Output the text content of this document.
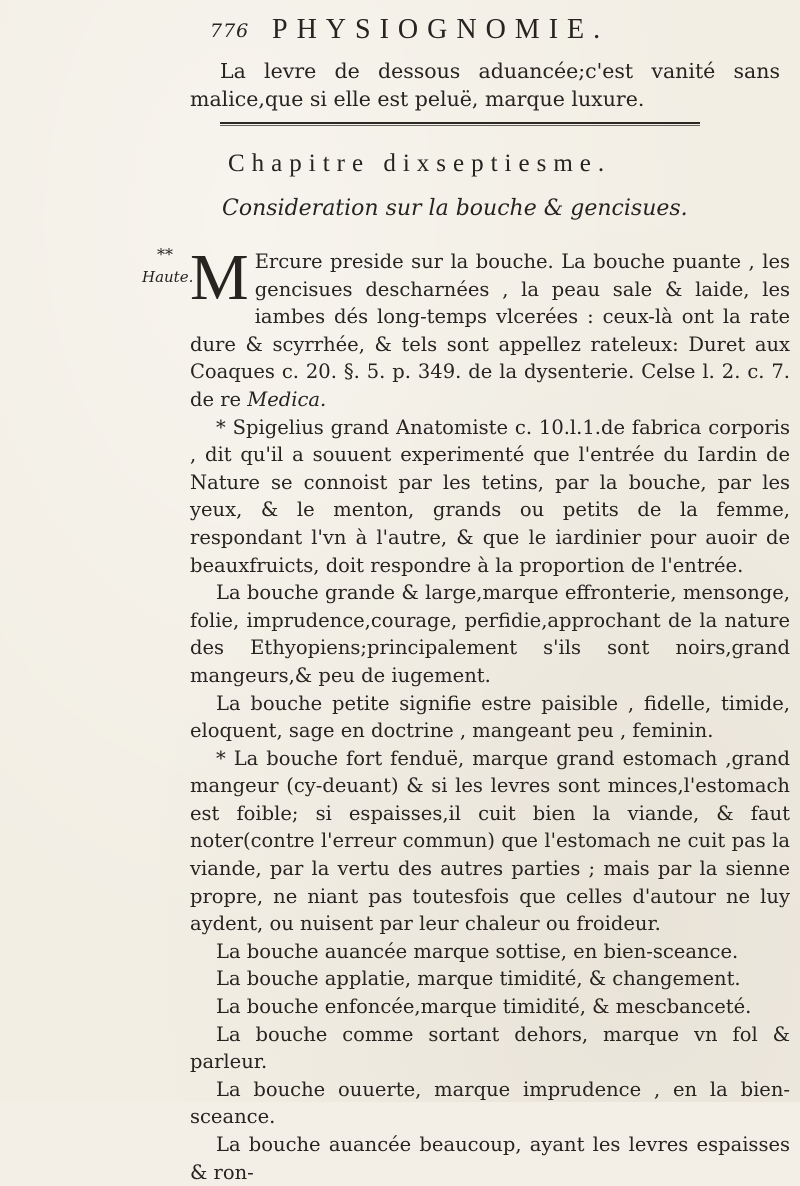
776 PHYSIOGNOMIE.

La levre de dessous aduancée;c'est vanité sans malice,que si elle est peluë, marque luxure.

Chapitre dixseptiesme.
Consideration sur la bouche & gencisues.
**
Haute.

M Ercure preside sur la bouche. La bouche puante , les gencisues descharnées , la peau sale & laide, les iambes dés long-temps vlcerées : ceux-là ont la rate dure & scyrrhée, & tels sont appellez rateleux: Duret aux Coaques c. 20. §. 5. p. 349. de la dysenterie. Celse l. 2. c. 7. de re Medica.

* Spigelius grand Anatomiste c. 10.l.1.de fabrica corporis , dit qu'il a souuent experimenté que l'entrée du Iardin de Nature se connoist par les tetins, par la bouche, par les yeux, & le menton, grands ou petits de la femme, respondant l'vn à l'autre, & que le iardinier pour auoir de beauxfruicts, doit respondre à la proportion de l'entrée.

La bouche grande & large,marque effronterie, mensonge, folie, imprudence,courage, perfidie,approchant de la nature des Ethyopiens;principalement s'ils sont noirs,grand mangeurs,& peu de iugement.

La bouche petite signifie estre paisible , fidelle, timide, eloquent, sage en doctrine , mangeant peu , feminin.

* La bouche fort fenduë, marque grand estomach ,grand mangeur (cy-deuant) & si les levres sont minces,l'estomach est foible; si espaisses,il cuit bien la viande, & faut noter(contre l'erreur commun) que l'estomach ne cuit pas la viande, par la vertu des autres parties ; mais par la sienne propre, ne niant pas toutesfois que celles d'autour ne luy aydent, ou nuisent par leur chaleur ou froideur.

La bouche auancée marque sottise, en bien-sceance.

La bouche applatie, marque timidité, & changement.

La bouche enfoncée,marque timidité, & mescbanceté.

La bouche comme sortant dehors, marque vn fol & parleur.

La bouche ouuerte, marque imprudence , en la bien-sceance.

La bouche auancée beaucoup, ayant les levres espaisses & ron-
